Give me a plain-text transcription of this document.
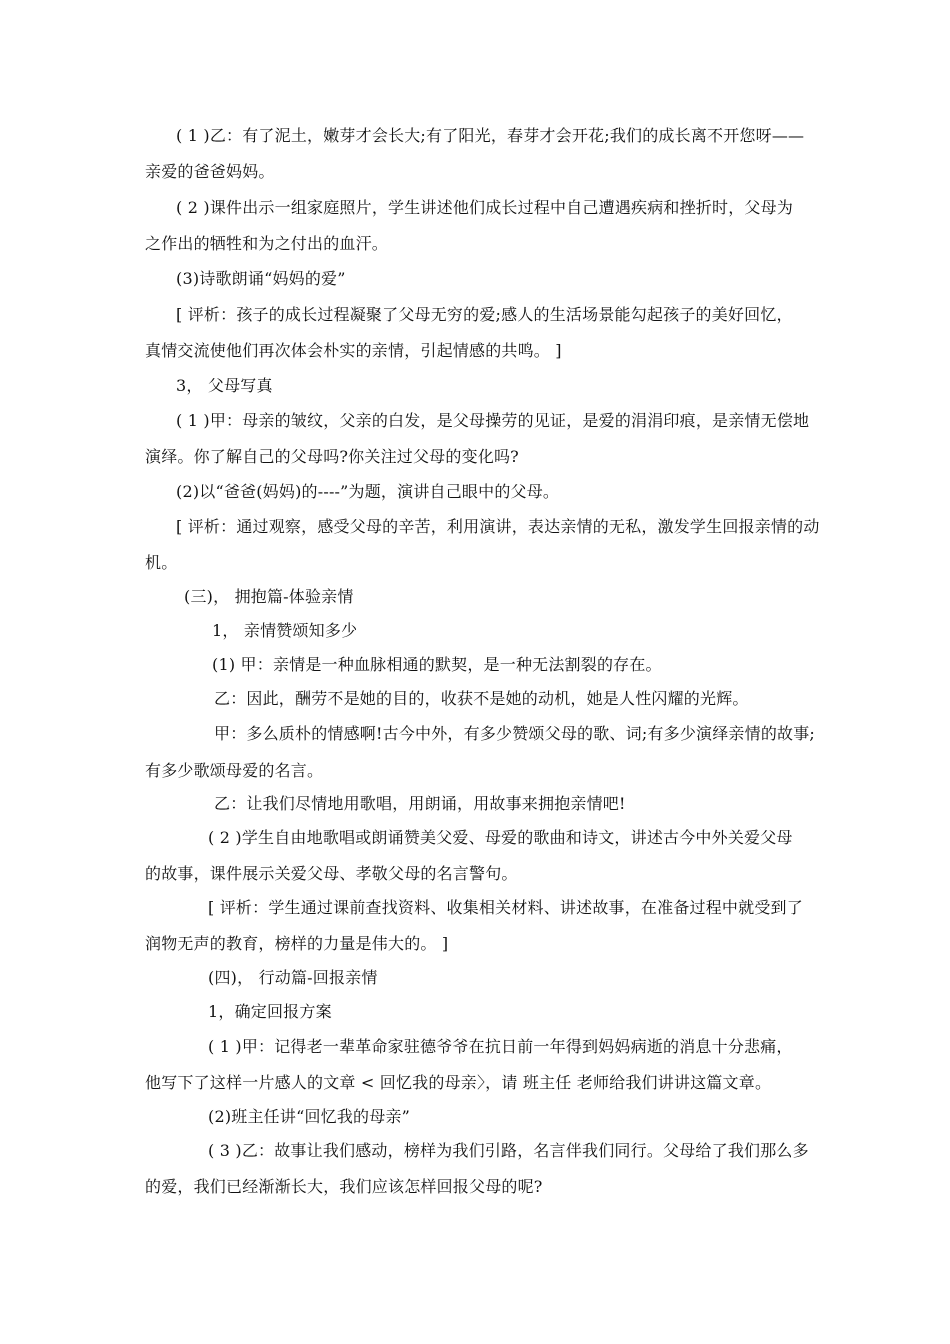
( 1 )乙：有了泥土，嫩芽才会长大;有了阳光，春芽才会开花;我们的成长离不开您呀——
亲爱的爸爸妈妈。
( 2 )课件出示一组家庭照片，学生讲述他们成长过程中自己遭遇疾病和挫折时，父母为
之作出的牺牲和为之付出的血汗。
(3)诗歌朗诵“妈妈的爱”
[ 评析：孩子的成长过程凝聚了父母无穷的爱;感人的生活场景能勾起孩子的美好回忆，
真情交流使他们再次体会朴实的亲情，引起情感的共鸣。 ]
3， 父母写真
( 1 )甲：母亲的皱纹，父亲的白发，是父母操劳的见证，是爱的涓涓印痕，是亲情无偿地
演绎。你了解自己的父母吗?你关注过父母的变化吗?
(2)以“爸爸(妈妈)的----”为题，演讲自己眼中的父母。
[ 评析：通过观察，感受父母的辛苦，利用演讲，表达亲情的无私，激发学生回报亲情的动
机。
(三)， 拥抱篇-体验亲情
1， 亲情赞颂知多少
(1) 甲：亲情是一种血脉相通的默契，是一种无法割裂的存在。
乙：因此，酬劳不是她的目的，收获不是她的动机，她是人性闪耀的光辉。
甲：多么质朴的情感啊!古今中外，有多少赞颂父母的歌、词;有多少演绎亲情的故事;
有多少歌颂母爱的名言。
乙：让我们尽情地用歌唱，用朗诵，用故事来拥抱亲情吧!
( 2 )学生自由地歌唱或朗诵赞美父爱、母爱的歌曲和诗文，讲述古今中外关爱父母
的故事，课件展示关爱父母、孝敬父母的名言警句。
[ 评析：学生通过课前查找资料、收集相关材料、讲述故事，在准备过程中就受到了
润物无声的教育，榜样的力量是伟大的。 ]
(四)， 行动篇-回报亲情
1，确定回报方案
( 1 )甲：记得老一辈革命家驻德爷爷在抗日前一年得到妈妈病逝的消息十分悲痛，
他写下了这样一片感人的文章 < 回忆我的母亲〉，请 班主任 老师给我们讲讲这篇文章。
(2)班主任讲“回忆我的母亲”
( 3 )乙：故事让我们感动，榜样为我们引路，名言伴我们同行。父母给了我们那么多
的爱，我们已经渐渐长大，我们应该怎样回报父母的呢?
